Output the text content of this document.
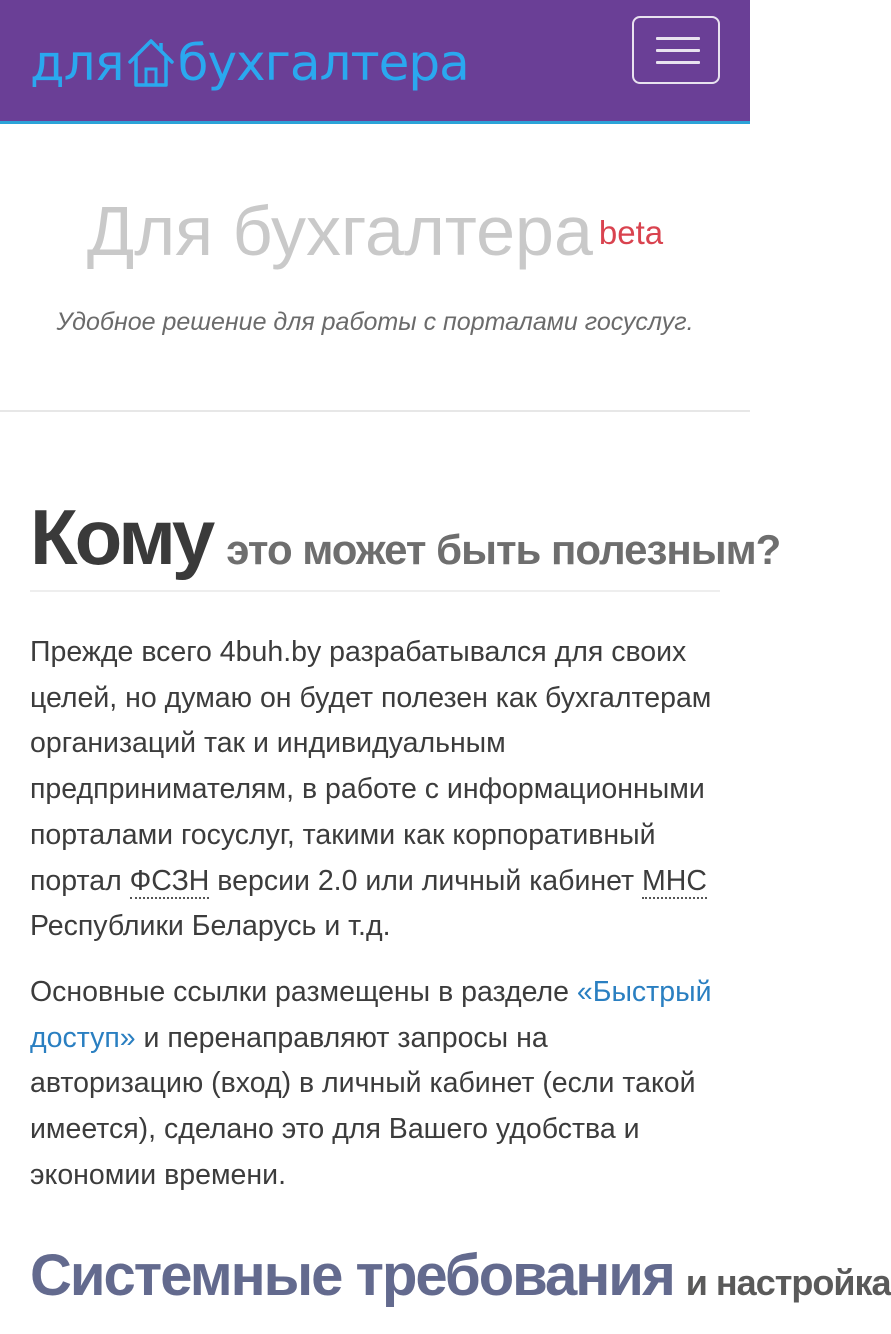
для бухгалтера
Для бухгалтера $^{beta}$

Удобное решение для работы с порталами госуслуг.

Кому это может быть полезным?

Прежде всего 4buh.by разрабатывался для своих целей, но думаю он будет полезен как бухгалтерам организаций так и индивидуальным предпринимателям, в работе с информационными порталами госуслуг, такими как корпоративный портал ФСЗН версии 2.0 или личный кабинет МНС Республики Беларусь и т.д.

Основные ссылки размещены в разделе «Быстрый доступ» и перенаправляют запросы на авторизацию (вход) в личный кабинет (если такой имеется), сделано это для Вашего удобства и экономии времени.

Системные требования и настройка
